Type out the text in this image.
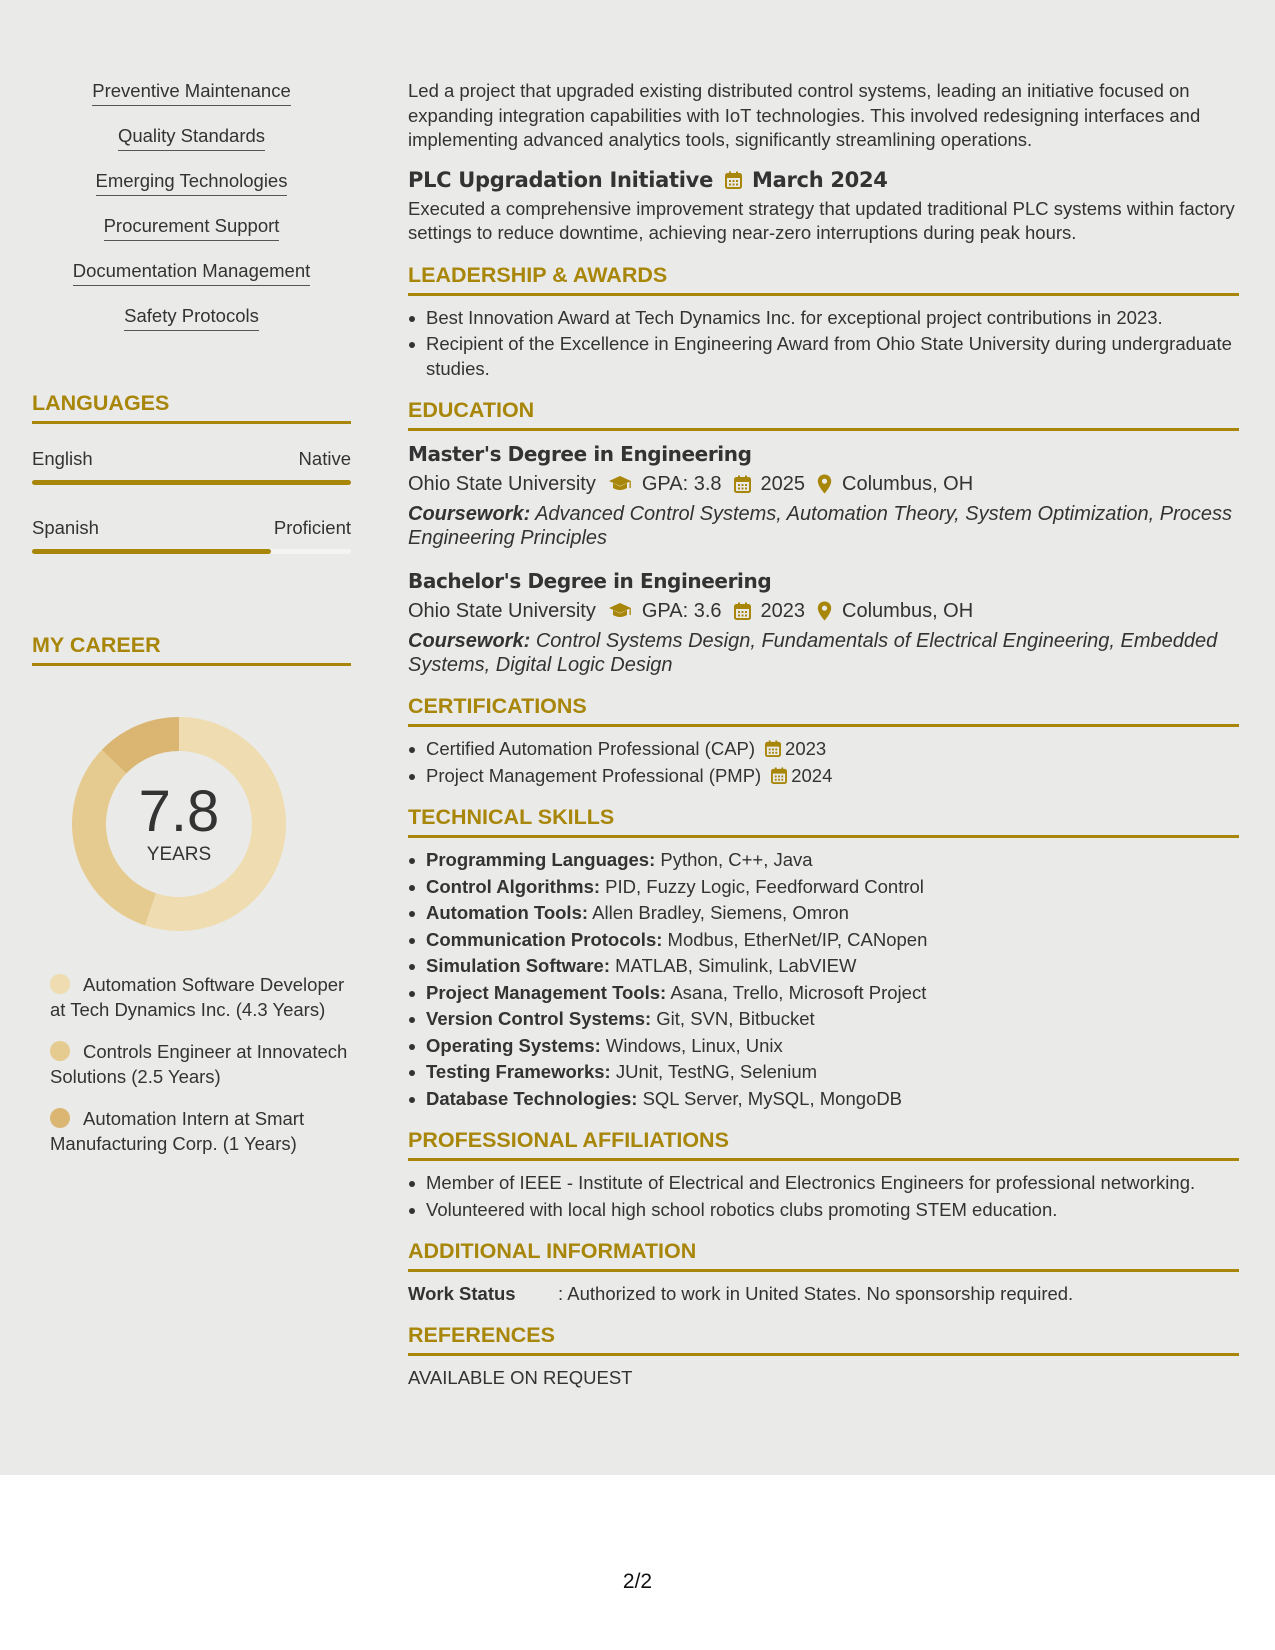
Preventive Maintenance
Quality Standards
Emerging Technologies
Procurement Support
Documentation Management
Safety Protocols
LANGUAGES
English	Native
Spanish	Proficient
MY CAREER
7.8
YEARS
Automation Software Developer at Tech Dynamics Inc. (4.3 Years)
Controls Engineer at Innovatech Solutions (2.5 Years)
Automation Intern at Smart Manufacturing Corp. (1 Years)

Led a project that upgraded existing distributed control systems, leading an initiative focused on expanding integration capabilities with IoT technologies. This involved redesigning interfaces and implementing advanced analytics tools, significantly streamlining operations.

PLC Upgradation Initiative March 2024

Executed a comprehensive improvement strategy that updated traditional PLC systems within factory settings to reduce downtime, achieving near-zero interruptions during peak hours.

LEADERSHIP & AWARDS
Best Innovation Award at Tech Dynamics Inc. for exceptional project contributions in 2023.
Recipient of the Excellence in Engineering Award from Ohio State University during undergraduate studies.
EDUCATION
Master's Degree in Engineering
Ohio State University GPA: 3.8 2025 Columbus, OH
Coursework: Advanced Control Systems, Automation Theory, System Optimization, Process Engineering Principles
Bachelor's Degree in Engineering
Ohio State University GPA: 3.6 2023 Columbus, OH
Coursework: Control Systems Design, Fundamentals of Electrical Engineering, Embedded Systems, Digital Logic Design
CERTIFICATIONS
Certified Automation Professional (CAP) 2023
Project Management Professional (PMP) 2024
TECHNICAL SKILLS
Programming Languages: Python, C++, Java
Control Algorithms: PID, Fuzzy Logic, Feedforward Control
Automation Tools: Allen Bradley, Siemens, Omron
Communication Protocols: Modbus, EtherNet/IP, CANopen
Simulation Software: MATLAB, Simulink, LabVIEW
Project Management Tools: Asana, Trello, Microsoft Project
Version Control Systems: Git, SVN, Bitbucket
Operating Systems: Windows, Linux, Unix
Testing Frameworks: JUnit, TestNG, Selenium
Database Technologies: SQL Server, MySQL, MongoDB
PROFESSIONAL AFFILIATIONS
Member of IEEE - Institute of Electrical and Electronics Engineers for professional networking.
Volunteered with local high school robotics clubs promoting STEM education.
ADDITIONAL INFORMATION
Work Status	: Authorized to work in United States. No sponsorship required.
REFERENCES
AVAILABLE ON REQUEST
2/2
